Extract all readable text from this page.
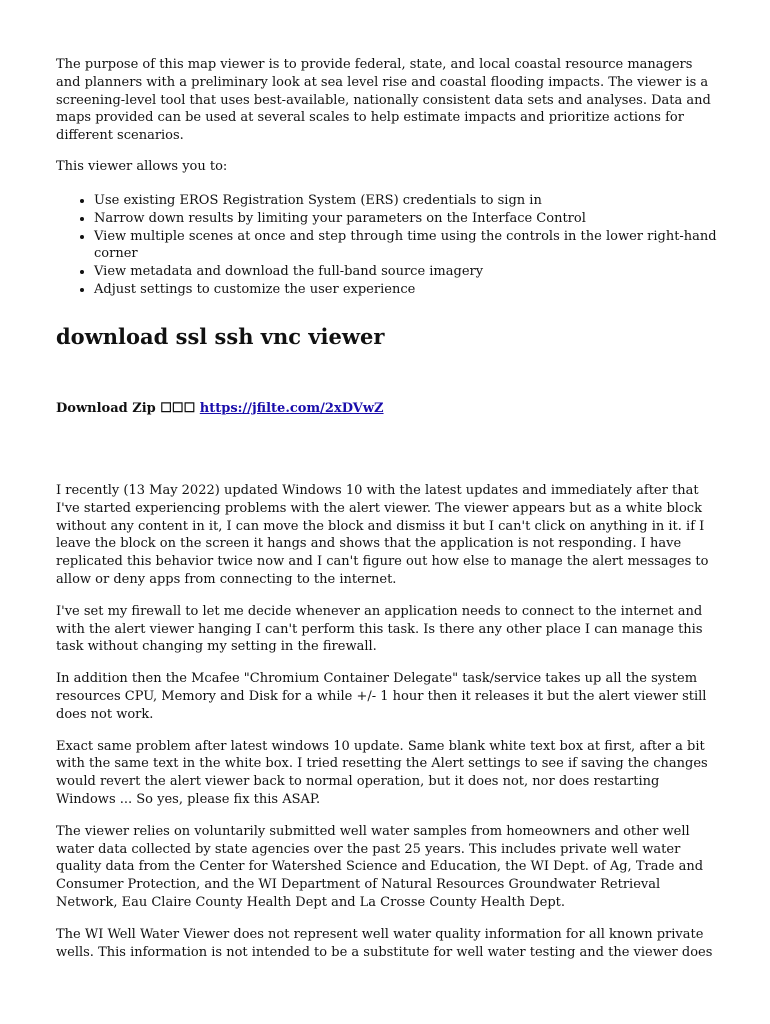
The purpose of this map viewer is to provide federal, state, and local coastal resource managers and planners with a preliminary look at sea level rise and coastal flooding impacts. The viewer is a screening-level tool that uses best-available, nationally consistent data sets and analyses. Data and maps provided can be used at several scales to help estimate impacts and prioritize actions for different scenarios.

This viewer allows you to:

• Use existing EROS Registration System (ERS) credentials to sign in
• Narrow down results by limiting your parameters on the Interface Control
• View multiple scenes at once and step through time using the controls in the lower right-hand corner
• View metadata and download the full-band source imagery
• Adjust settings to customize the user experience
download ssl ssh vnc viewer
Download Zip ☐☐☐ https://jfilte.com/2xDVwZ

I recently (13 May 2022) updated Windows 10 with the latest updates and immediately after that I've started experiencing problems with the alert viewer. The viewer appears but as a white block without any content in it, I can move the block and dismiss it but I can't click on anything in it. if I leave the block on the screen it hangs and shows that the application is not responding. I have replicated this behavior twice now and I can't figure out how else to manage the alert messages to allow or deny apps from connecting to the internet.

I've set my firewall to let me decide whenever an application needs to connect to the internet and with the alert viewer hanging I can't perform this task. Is there any other place I can manage this task without changing my setting in the firewall.

In addition then the Mcafee "Chromium Container Delegate" task/service takes up all the system resources CPU, Memory and Disk for a while +/- 1 hour then it releases it but the alert viewer still does not work.

Exact same problem after latest windows 10 update. Same blank white text box at first, after a bit with the same text in the white box. I tried resetting the Alert settings to see if saving the changes would revert the alert viewer back to normal operation, but it does not, nor does restarting Windows ... So yes, please fix this ASAP.

The viewer relies on voluntarily submitted well water samples from homeowners and other well water data collected by state agencies over the past 25 years. This includes private well water quality data from the Center for Watershed Science and Education, the WI Dept. of Ag, Trade and Consumer Protection, and the WI Department of Natural Resources Groundwater Retrieval Network, Eau Claire County Health Dept and La Crosse County Health Dept.

The WI Well Water Viewer does not represent well water quality information for all known private wells. This information is not intended to be a substitute for well water testing and the viewer does
